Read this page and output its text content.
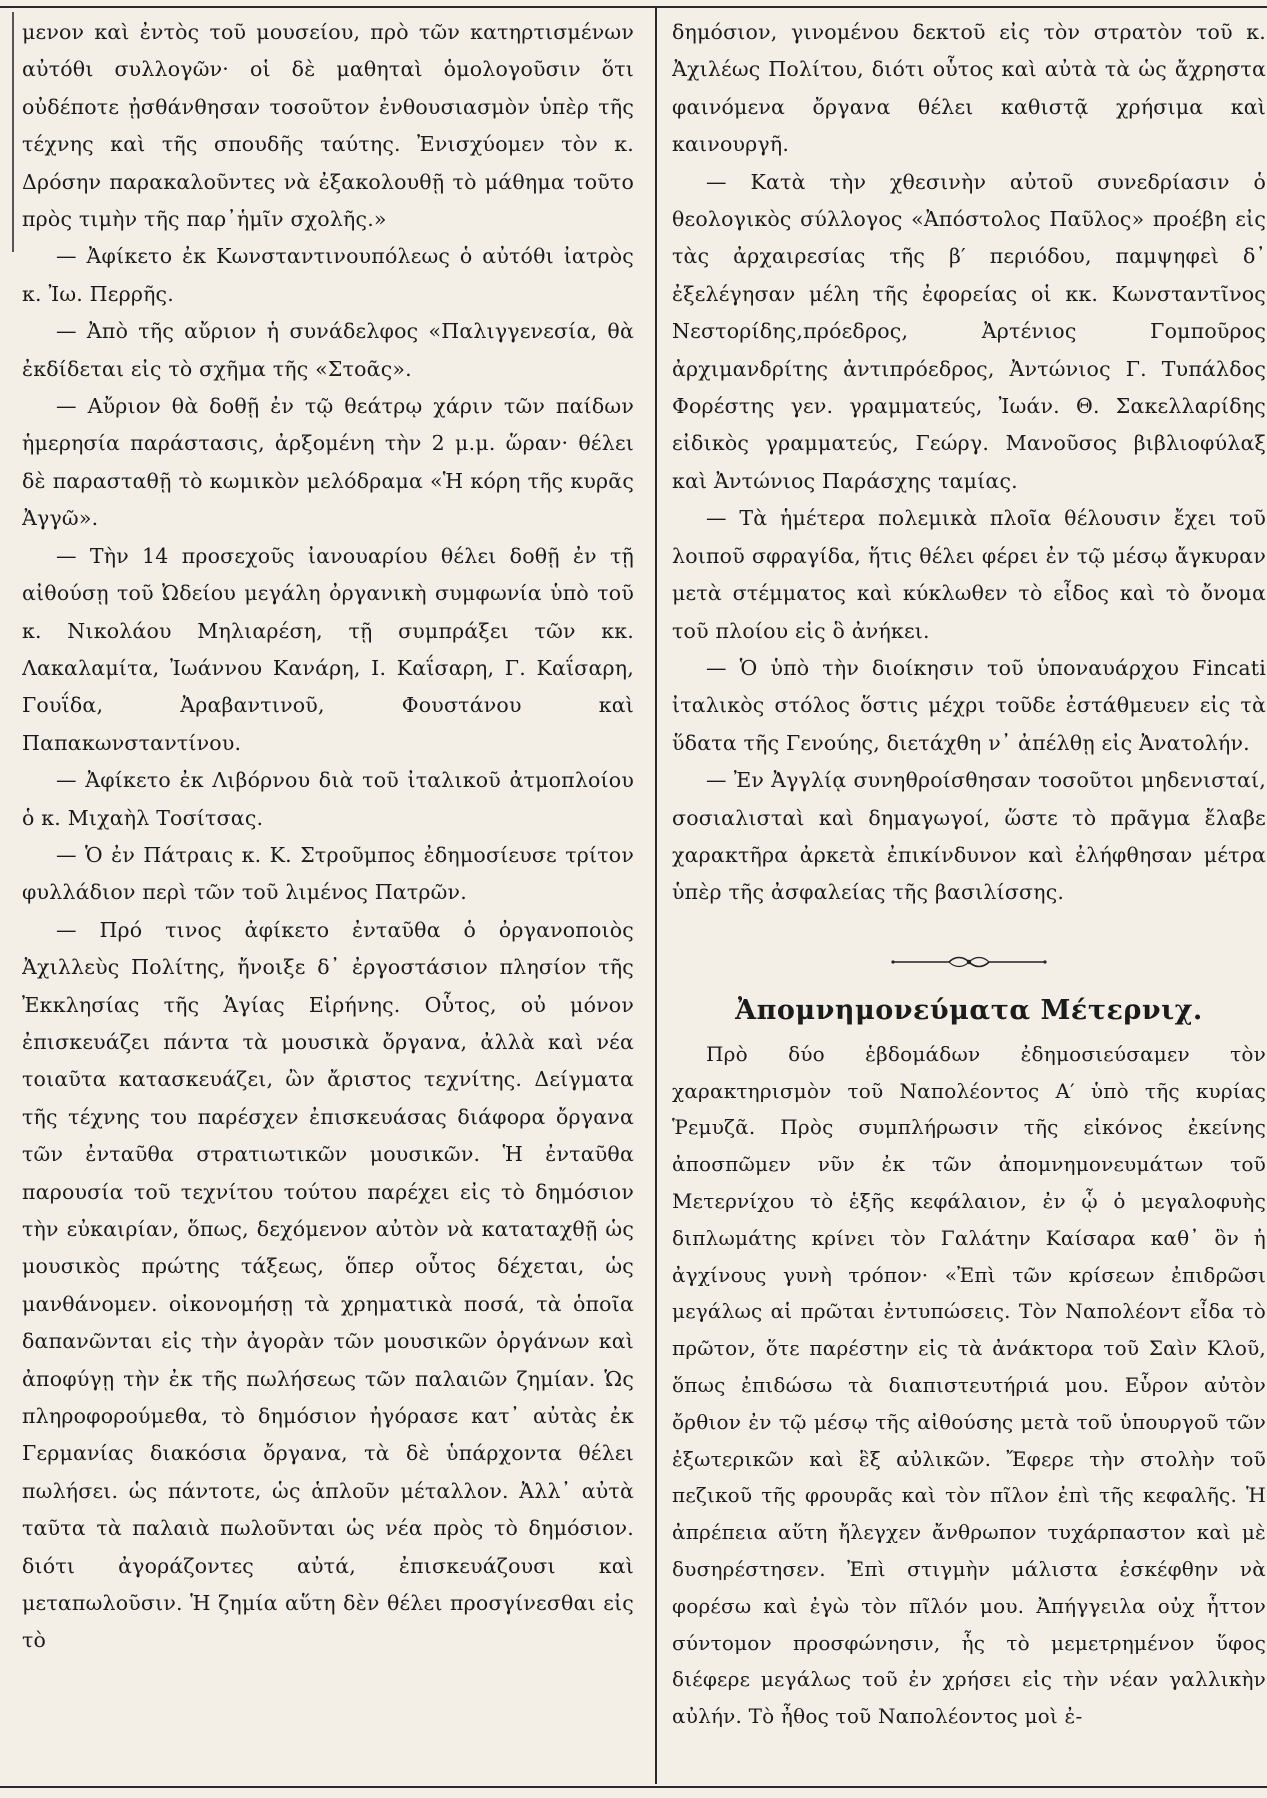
μενον καὶ ἐντὸς τοῦ μουσείου, πρὸ τῶν κατηρτισμένων αὐτόθι συλλογῶν· οἱ δὲ μαθηταὶ ὁμολογοῦσιν ὅτι οὐδέποτε ᾐσθάνθησαν τοσοῦτον ἐνθουσιασμὸν ὑπὲρ τῆς τέχνης καὶ τῆς σπουδῆς ταύτης. Ἐνισχύομεν τὸν κ. Δρόσην παρακαλοῦντες νὰ ἐξακολουθῇ τὸ μάθημα τοῦτο πρὸς τιμὴν τῆς παρ᾽ἡμῖν σχολῆς.»

— Ἀφίκετο ἐκ Κωνσταντινουπόλεως ὁ αὐτόθι ἰατρὸς κ. Ἰω. Περρῆς.

— Ἀπὸ τῆς αὔριον ἡ συνάδελφος «Παλιγγενεσία, θὰ ἐκδίδεται εἰς τὸ σχῆμα τῆς «Στοᾶς».

— Αὔριον θὰ δοθῇ ἐν τῷ θεάτρῳ χάριν τῶν παίδων ἡμερησία παράστασις, ἀρξομένη τὴν 2 μ.μ. ὥραν· θέλει δὲ παρασταθῇ τὸ κωμικὸν μελόδραμα «Ἡ κόρη τῆς κυρᾶς Ἀγγῶ».

— Τὴν 14 προσεχοῦς ἰανουαρίου θέλει δοθῇ ἐν τῇ αἰθούσῃ τοῦ Ὠδείου μεγάλη ὀργανικὴ συμφωνία ὑπὸ τοῦ κ. Νικολάου Μηλιαρέση, τῇ συμπράξει τῶν κκ. Λακαλαμίτα, Ἰωάννου Κανάρη, Ι. Καΐσαρη, Γ. Καΐσαρη, Γουΐδα, Ἀραβαντινοῦ, Φουστάνου καὶ Παπακωνσταντίνου.

— Ἀφίκετο ἐκ Λιβόρνου διὰ τοῦ ἰταλικοῦ ἀτμοπλοίου ὁ κ. Μιχαὴλ Τοσίτσας.

— Ὁ ἐν Πάτραις κ. Κ. Στροῦμπος ἐδημοσίευσε τρίτον φυλλάδιον περὶ τῶν τοῦ λιμένος Πατρῶν.

— Πρό τινος ἀφίκετο ἐνταῦθα ὁ ὀργανοποιὸς Ἀχιλλεὺς Πολίτης, ἤνοιξε δ᾽ ἐργοστάσιον πλησίον τῆς Ἐκκλησίας τῆς Ἁγίας Εἰρήνης. Οὗτος, οὐ μόνον ἐπισκευάζει πάντα τὰ μουσικὰ ὄργανα, ἀλλὰ καὶ νέα τοιαῦτα κατασκευάζει, ὢν ἄριστος τεχνίτης. Δείγματα τῆς τέχνης του παρέσχεν ἐπισκευάσας διάφορα ὄργανα τῶν ἐνταῦθα στρατιωτικῶν μουσικῶν. Ἡ ἐνταῦθα παρουσία τοῦ τεχνίτου τούτου παρέχει εἰς τὸ δημόσιον τὴν εὐκαιρίαν, ὅπως, δεχόμενον αὐτὸν νὰ καταταχθῇ ὡς μουσικὸς πρώτης τάξεως, ὅπερ οὗτος δέχεται, ὡς μανθάνομεν. οἰκονομήσῃ τὰ χρηματικὰ ποσά, τὰ ὁποῖα δαπανῶνται εἰς τὴν ἀγορὰν τῶν μουσικῶν ὀργάνων καὶ ἀποφύγῃ τὴν ἐκ τῆς πωλήσεως τῶν παλαιῶν ζημίαν. Ὡς πληροφορούμεθα, τὸ δημόσιον ἠγόρασε κατ᾽ αὐτὰς ἐκ Γερμανίας διακόσια ὄργανα, τὰ δὲ ὑπάρχοντα θέλει πωλήσει. ὡς πάντοτε, ὡς ἁπλοῦν μέταλλον. Ἀλλ᾽ αὐτὰ ταῦτα τὰ παλαιὰ πωλοῦνται ὡς νέα πρὸς τὸ δημόσιον. διότι ἀγοράζοντες αὐτά, ἐπισκευάζουσι καὶ μεταπωλοῦσιν. Ἡ ζημία αὕτη δὲν θέλει προσγίνεσθαι εἰς τὸ

δημόσιον, γινομένου δεκτοῦ εἰς τὸν στρατὸν τοῦ κ. Ἀχιλέως Πολίτου, διότι οὗτος καὶ αὐτὰ τὰ ὡς ἄχρηστα φαινόμενα ὄργανα θέλει καθιστᾷ χρήσιμα καὶ καινουργῆ.

— Κατὰ τὴν χθεσινὴν αὐτοῦ συνεδρίασιν ὁ θεολογικὸς σύλλογος «Ἀπόστολος Παῦλος» προέβη εἰς τὰς ἀρχαιρεσίας τῆς β′ περιόδου, παμψηφεὶ δ᾽ ἐξελέγησαν μέλη τῆς ἐφορείας οἱ κκ. Κωνσταντῖνος Νεστορίδης,πρόεδρος, Ἀρτένιος Γομποῦρος ἀρχιμανδρίτης ἀντιπρόεδρος, Ἀντώνιος Γ. Τυπάλδος Φορέστης γεν. γραμματεύς, Ἰωάν. Θ. Σακελλαρίδης εἰδικὸς γραμματεύς, Γεώργ. Μανοῦσος βιβλιοφύλαξ καὶ Ἀντώνιος Παράσχης ταμίας.

— Τὰ ἡμέτερα πολεμικὰ πλοῖα θέλουσιν ἔχει τοῦ λοιποῦ σφραγίδα, ἥτις θέλει φέρει ἐν τῷ μέσῳ ἄγκυραν μετὰ στέμματος καὶ κύκλωθεν τὸ εἶδος καὶ τὸ ὄνομα τοῦ πλοίου εἰς ὃ ἀνήκει.

— Ὁ ὑπὸ τὴν διοίκησιν τοῦ ὑποναυάρχου Fincati ἰταλικὸς στόλος ὅστις μέχρι τοῦδε ἐστάθμευεν εἰς τὰ ὕδατα τῆς Γενούης, διετάχθη ν᾽ ἀπέλθῃ εἰς Ἀνατολήν.

— Ἐν Ἀγγλίᾳ συνηθροίσθησαν τοσοῦτοι μηδενισταί, σοσιαλισταὶ καὶ δημαγωγοί, ὥστε τὸ πρᾶγμα ἔλαβε χαρακτῆρα ἀρκετὰ ἐπικίνδυνον καὶ ἐλήφθησαν μέτρα ὑπὲρ τῆς ἀσφαλείας τῆς βασιλίσσης.

Ἀπομνημονεύματα Μέτερνιχ.

Πρὸ δύο ἑβδομάδων ἐδημοσιεύσαμεν τὸν χαρακτηρισμὸν τοῦ Ναπολέοντος Α′ ὑπὸ τῆς κυρίας Ῥεμυζᾶ. Πρὸς συμπλήρωσιν τῆς εἰκόνος ἐκείνης ἀποσπῶμεν νῦν ἐκ τῶν ἀπομνημονευμάτων τοῦ Μετερνίχου τὸ ἑξῆς κεφάλαιον, ἐν ᾧ ὁ μεγαλοφυὴς διπλωμάτης κρίνει τὸν Γαλάτην Καίσαρα καθ᾽ ὃν ἡ ἀγχίνους γυνὴ τρόπον· «Ἐπὶ τῶν κρίσεων ἐπιδρῶσι μεγάλως αἱ πρῶται ἐντυπώσεις. Τὸν Ναπολέοντ εἶδα τὸ πρῶτον, ὅτε παρέστην εἰς τὰ ἀνάκτορα τοῦ Σαὶν Κλοῦ, ὅπως ἐπιδώσω τὰ διαπιστευτήριά μου. Εὗρον αὐτὸν ὄρθιον ἐν τῷ μέσῳ τῆς αἰθούσης μετὰ τοῦ ὑπουργοῦ τῶν ἐξωτερικῶν καὶ ἓξ αὐλικῶν. Ἔφερε τὴν στολὴν τοῦ πεζικοῦ τῆς φρουρᾶς καὶ τὸν πῖλον ἐπὶ τῆς κεφαλῆς. Ἡ ἀπρέπεια αὕτη ἤλεγχεν ἄνθρωπον τυχάρπαστον καὶ μὲ δυσηρέστησεν. Ἐπὶ στιγμὴν μάλιστα ἐσκέφθην νὰ φορέσω καὶ ἐγὼ τὸν πῖλόν μου. Ἀπήγγειλα οὐχ ἧττον σύντομον προσφώνησιν, ἧς τὸ μεμετρημένον ὕφος διέφερε μεγάλως τοῦ ἐν χρήσει εἰς τὴν νέαν γαλλικὴν αὐλήν. Τὸ ἦθος τοῦ Ναπολέοντος μοὶ ἐ-
